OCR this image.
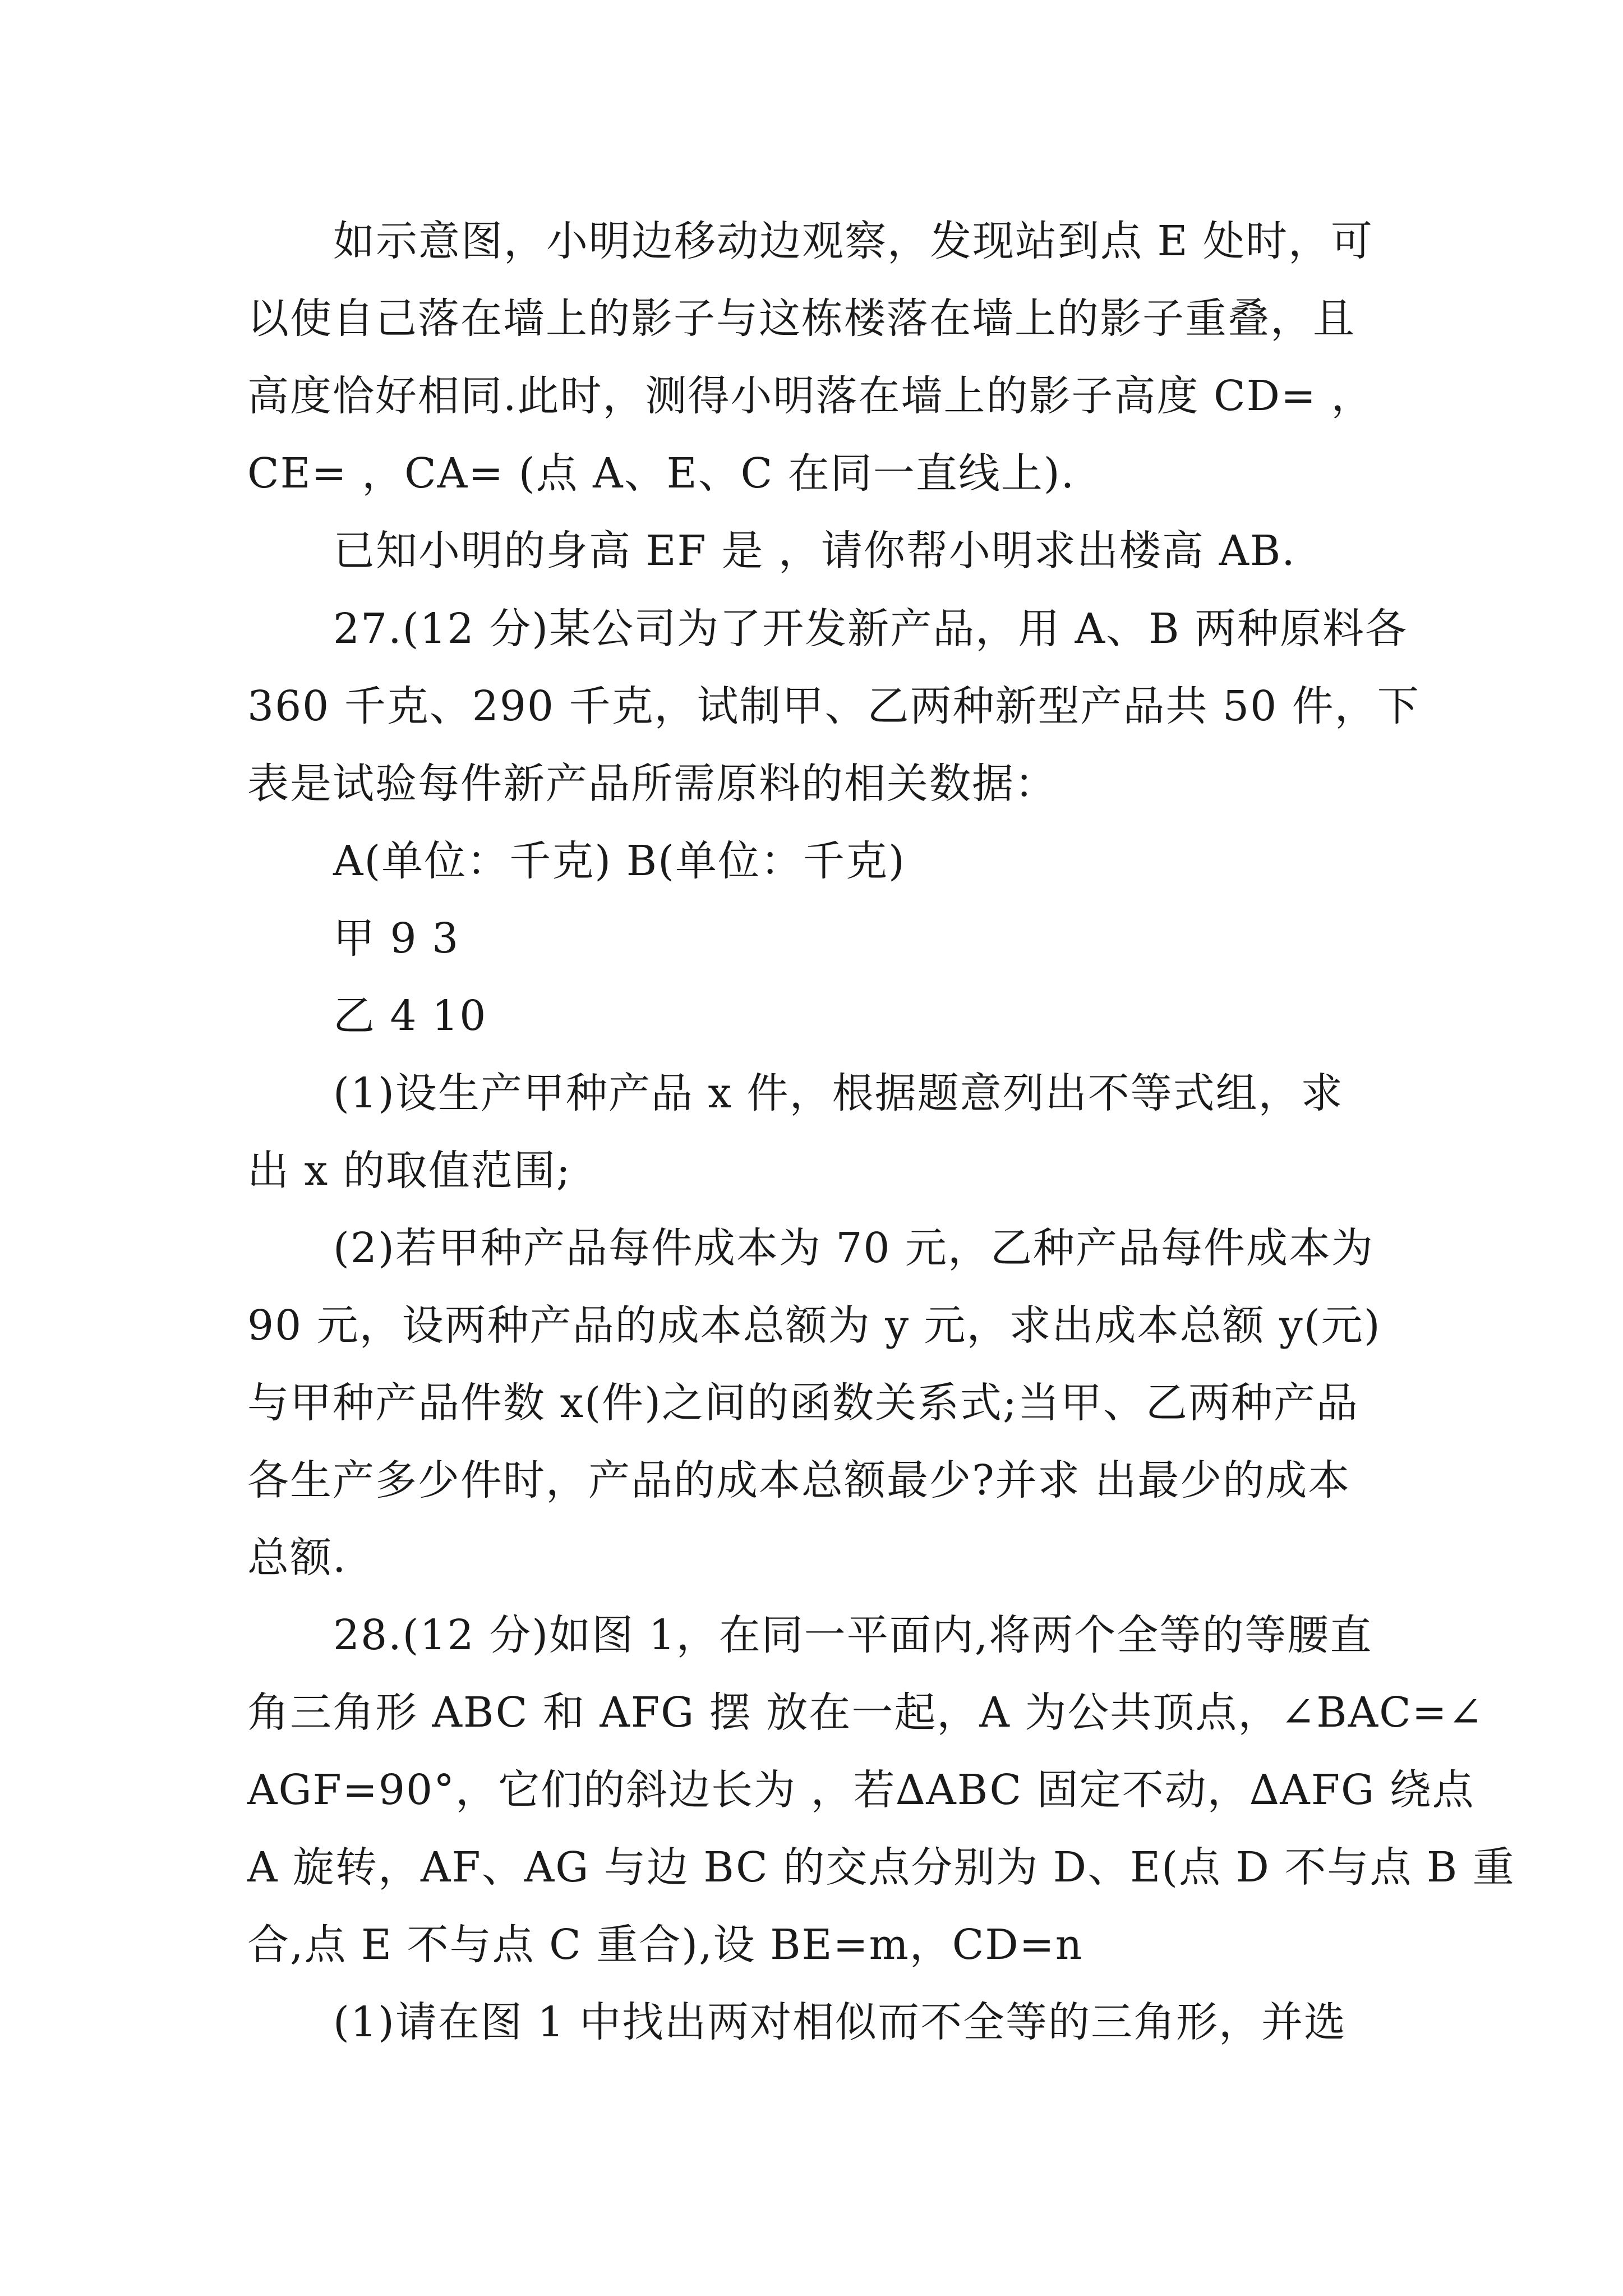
如示意图，小明边移动边观察，发现站到点 E 处时，可
以使自己落在墙上的影子与这栋楼落在墙上的影子重叠，且
高度恰好相同.此时，测得小明落在墙上的影子高度 CD= ，
CE= ，CA= (点 A、E、C 在同一直线上).
已知小明的身高 EF 是 ，请你帮小明求出楼高 AB.
27.(12 分)某公司为了开发新产品，用 A、B 两种原料各
360 千克、290 千克，试制甲、乙两种新型产品共 50 件，下
表是试验每件新产品所需原料的相关数据：
A(单位：千克) B(单位：千克)
甲 9 3
乙 4 10
(1)设生产甲种产品 x 件，根据题意列出不等式组，求
出 x 的取值范围;
(2)若甲种产品每件成本为 70 元，乙种产品每件成本为
90 元，设两种产品的成本总额为 y 元，求出成本总额 y(元)
与甲种产品件数 x(件)之间的函数关系式;当甲、乙两种产品
各生产多少件时，产品的成本总额最少?并求 出最少的成本
总额.
28.(12 分)如图 1，在同一平面内,将两个全等的等腰直
角三角形 ABC 和 AFG 摆 放在一起，A 为公共顶点，∠BAC=∠
AGF=90°，它们的斜边长为 ，若∆ABC 固定不动，∆AFG 绕点
A 旋转，AF、AG 与边 BC 的交点分别为 D、E(点 D 不与点 B 重
合,点 E 不与点 C 重合),设 BE=m，CD=n
(1)请在图 1 中找出两对相似而不全等的三角形，并选
